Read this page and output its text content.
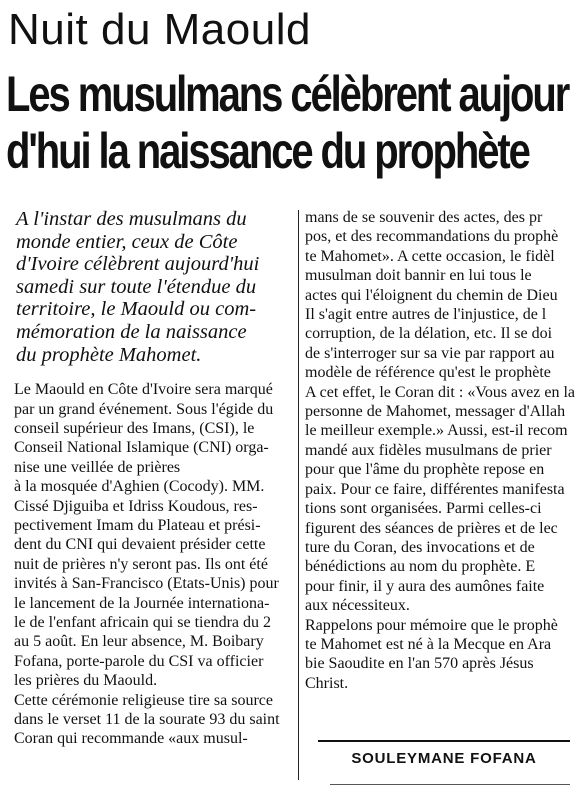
Nuit du Maould
Les musulmans célèbrent aujour
d'hui la naissance du prophète

A l'instar des musulmans du
monde entier, ceux de Côte
d'Ivoire célèbrent aujourd'hui
samedi sur toute l'étendue du
territoire, le Maould ou com-
mémoration de la naissance
du prophète Mahomet.

Le Maould en Côte d'Ivoire sera marqué
par un grand événement. Sous l'égide du
conseil supérieur des Imans, (CSI), le
Conseil National Islamique (CNI) orga-
nise une veillée de prières
à la mosquée d'Aghien (Cocody). MM.
Cissé Djiguiba et Idriss Koudous, res-
pectivement Imam du Plateau et prési-
dent du CNI qui devaient présider cette
nuit de prières n'y seront pas. Ils ont été
invités à San-Francisco (Etats-Unis) pour
le lancement de la Journée internationa-
le de l'enfant africain qui se tiendra du 2
au 5 août. En leur absence, M. Boibary
Fofana, porte-parole du CSI va officier
les prières du Maould.
Cette cérémonie religieuse tire sa source
dans le verset 11 de la sourate 93 du saint
Coran qui recommande «aux musul-

mans de se souvenir des actes, des pr
pos, et des recommandations du prophè
te Mahomet». A cette occasion, le fidèl
musulman doit bannir en lui tous le
actes qui l'éloignent du chemin de Dieu
Il s'agit entre autres de l'injustice, de l
corruption, de la délation, etc. Il se doi
de s'interroger sur sa vie par rapport au
modèle de référence qu'est le prophète
A cet effet, le Coran dit : «Vous avez en la
personne de Mahomet, messager d'Allah
le meilleur exemple.» Aussi, est-il recom
mandé aux fidèles musulmans de prier
pour que l'âme du prophète repose en
paix. Pour ce faire, différentes manifesta
tions sont organisées. Parmi celles-ci
figurent des séances de prières et de lec
ture du Coran, des invocations et de
bénédictions au nom du prophète. E
pour finir, il y aura des aumônes faite
aux nécessiteux.
Rappelons pour mémoire que le prophè
te Mahomet est né à la Mecque en Ara
bie Saoudite en l'an 570 après Jésus
Christ.

SOULEYMANE FOFANA
